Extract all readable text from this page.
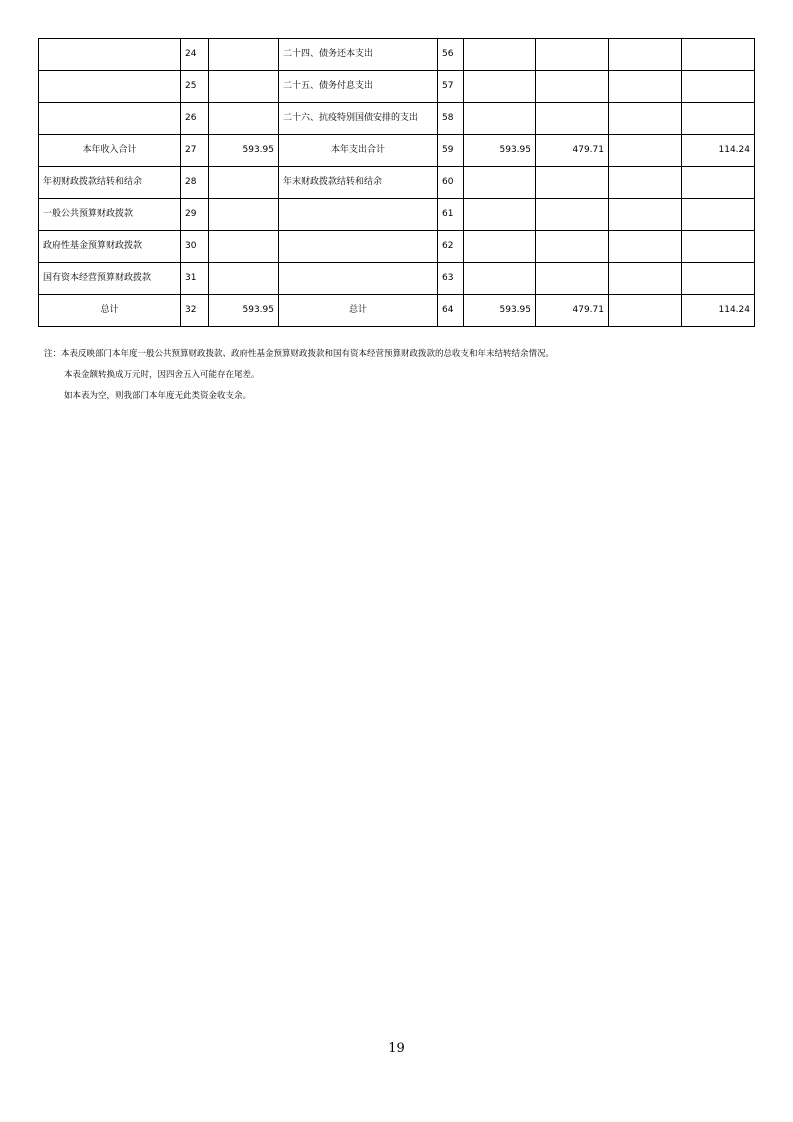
	24		二十四、债务还本支出	56				
	25		二十五、债务付息支出	57				
	26		二十六、抗疫特别国债安排的支出	58				
本年收入合计	27	593.95	本年支出合计	59	593.95	479.71		114.24
年初财政拨款结转和结余	28		年末财政拨款结转和结余	60				
一般公共预算财政拨款	29			61				
政府性基金预算财政拨款	30			62				
国有资本经营预算财政拨款	31			63				
总计	32	593.95	总计	64	593.95	479.71		114.24
注：本表反映部门本年度一般公共预算财政拨款、政府性基金预算财政拨款和国有资本经营预算财政拨款的总收支和年末结转结余情况。
本表金额转换成万元时，因四舍五入可能存在尾差。
如本表为空，则我部门本年度无此类资金收支余。
19
